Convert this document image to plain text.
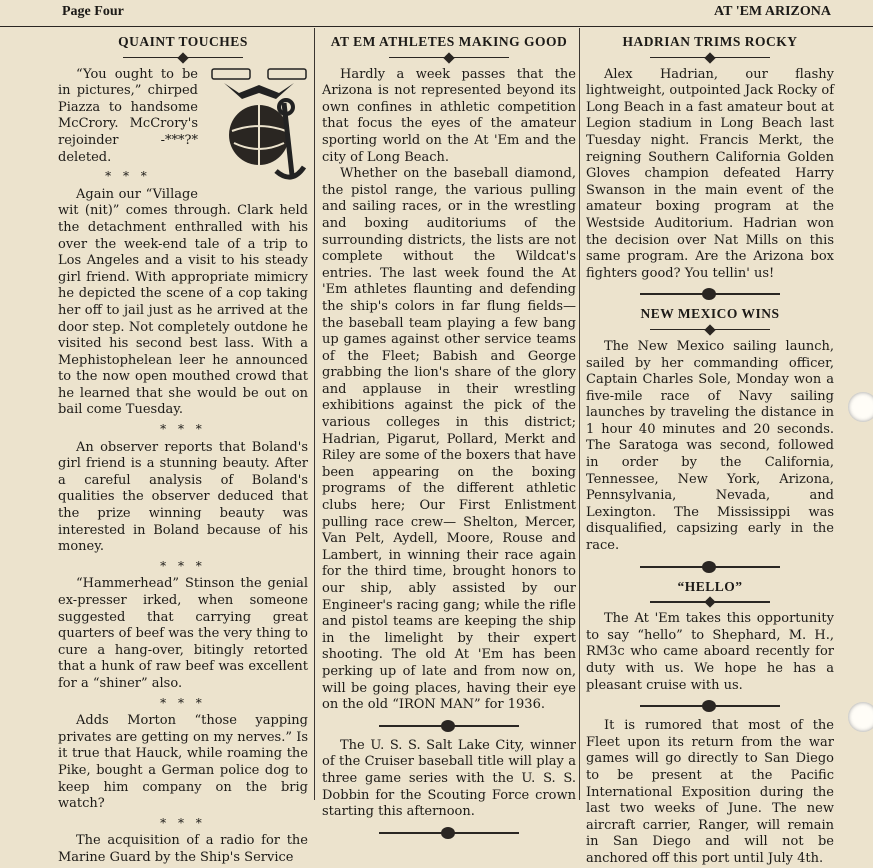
Page Four	AT 'EM ARIZONA
QUAINT TOUCHES

“You ought to be in pictures,” chirped Piazza to handsome McCrory. McCrory's rejoinder -***?* deleted.

* * *

Again our “Village wit (nit)” comes through. Clark held the detachment enthralled with his over the week-end tale of a trip to Los Angeles and a visit to his steady girl friend. With appropriate mimicry he depicted the scene of a cop taking her off to jail just as he arrived at the door step. Not completely outdone he visited his second best lass. With a Mephistophelean leer he announced to the now open mouthed crowd that he learned that she would be out on bail come Tuesday.

* * *

An observer reports that Boland's girl friend is a stunning beauty. After a careful analysis of Boland's qualities the observer deduced that the prize winning beauty was interested in Boland because of his money.

* * *

“Hammerhead” Stinson the genial ex-presser irked, when someone suggested that carrying great quarters of beef was the very thing to cure a hang-over, bitingly retorted that a hunk of raw beef was excellent for a “shiner” also.

* * *

Adds Morton “those yapping privates are getting on my nerves.” Is it true that Hauck, while roaming the Pike, bought a German police dog to keep him company on the brig watch?

* * *

The acquisition of a radio for the Marine Guard by the Ship's Service

AT EM ATHLETES MAKING GOOD

Hardly a week passes that the Arizona is not represented beyond its own confines in athletic competition that focus the eyes of the amateur sporting world on the At 'Em and the city of Long Beach.

Whether on the baseball diamond, the pistol range, the various pulling and sailing races, or in the wrestling and boxing auditoriums of the surrounding districts, the lists are not complete without the Wildcat's entries. The last week found the At 'Em athletes flaunting and defending the ship's colors in far flung fields— the baseball team playing a few bang up games against other service teams of the Fleet; Babish and George grabbing the lion's share of the glory and applause in their wrestling exhibitions against the pick of the various colleges in this district; Hadrian, Pigarut, Pollard, Merkt and Riley are some of the boxers that have been appearing on the boxing programs of the different athletic clubs here; Our First Enlistment pulling race crew— Shelton, Mercer, Van Pelt, Aydell, Moore, Rouse and Lambert, in winning their race again for the third time, brought honors to our ship, ably assisted by our Engineer's racing gang; while the rifle and pistol teams are keeping the ship in the limelight by their expert shooting. The old At 'Em has been perking up of late and from now on, will be going places, having their eye on the old “IRON MAN” for 1936.

The U. S. S. Salt Lake City, winner of the Cruiser baseball title will play a three game series with the U. S. S. Dobbin for the Scouting Force crown starting this afternoon.

HADRIAN TRIMS ROCKY

Alex Hadrian, our flashy lightweight, outpointed Jack Rocky of Long Beach in a fast amateur bout at Legion stadium in Long Beach last Tuesday night. Francis Merkt, the reigning Southern California Golden Gloves champion defeated Harry Swanson in the main event of the amateur boxing program at the Westside Auditorium. Hadrian won the decision over Nat Mills on this same program. Are the Arizona box fighters good? You tellin' us!

NEW MEXICO WINS

The New Mexico sailing launch, sailed by her commanding officer, Captain Charles Sole, Monday won a five-mile race of Navy sailing launches by traveling the distance in 1 hour 40 minutes and 20 seconds. The Saratoga was second, followed in order by the California, Tennessee, New York, Arizona, Pennsylvania, Nevada, and Lexington. The Mississippi was disqualified, capsizing early in the race.

“HELLO”

The At 'Em takes this opportunity to say “hello” to Shephard, M. H., RM3c who came aboard recently for duty with us. We hope he has a pleasant cruise with us.

It is rumored that most of the Fleet upon its return from the war games will go directly to San Diego to be present at the Pacific International Exposition during the last two weeks of June. The new aircraft carrier, Ranger, will remain in San Diego and will not be anchored off this port until July 4th.
